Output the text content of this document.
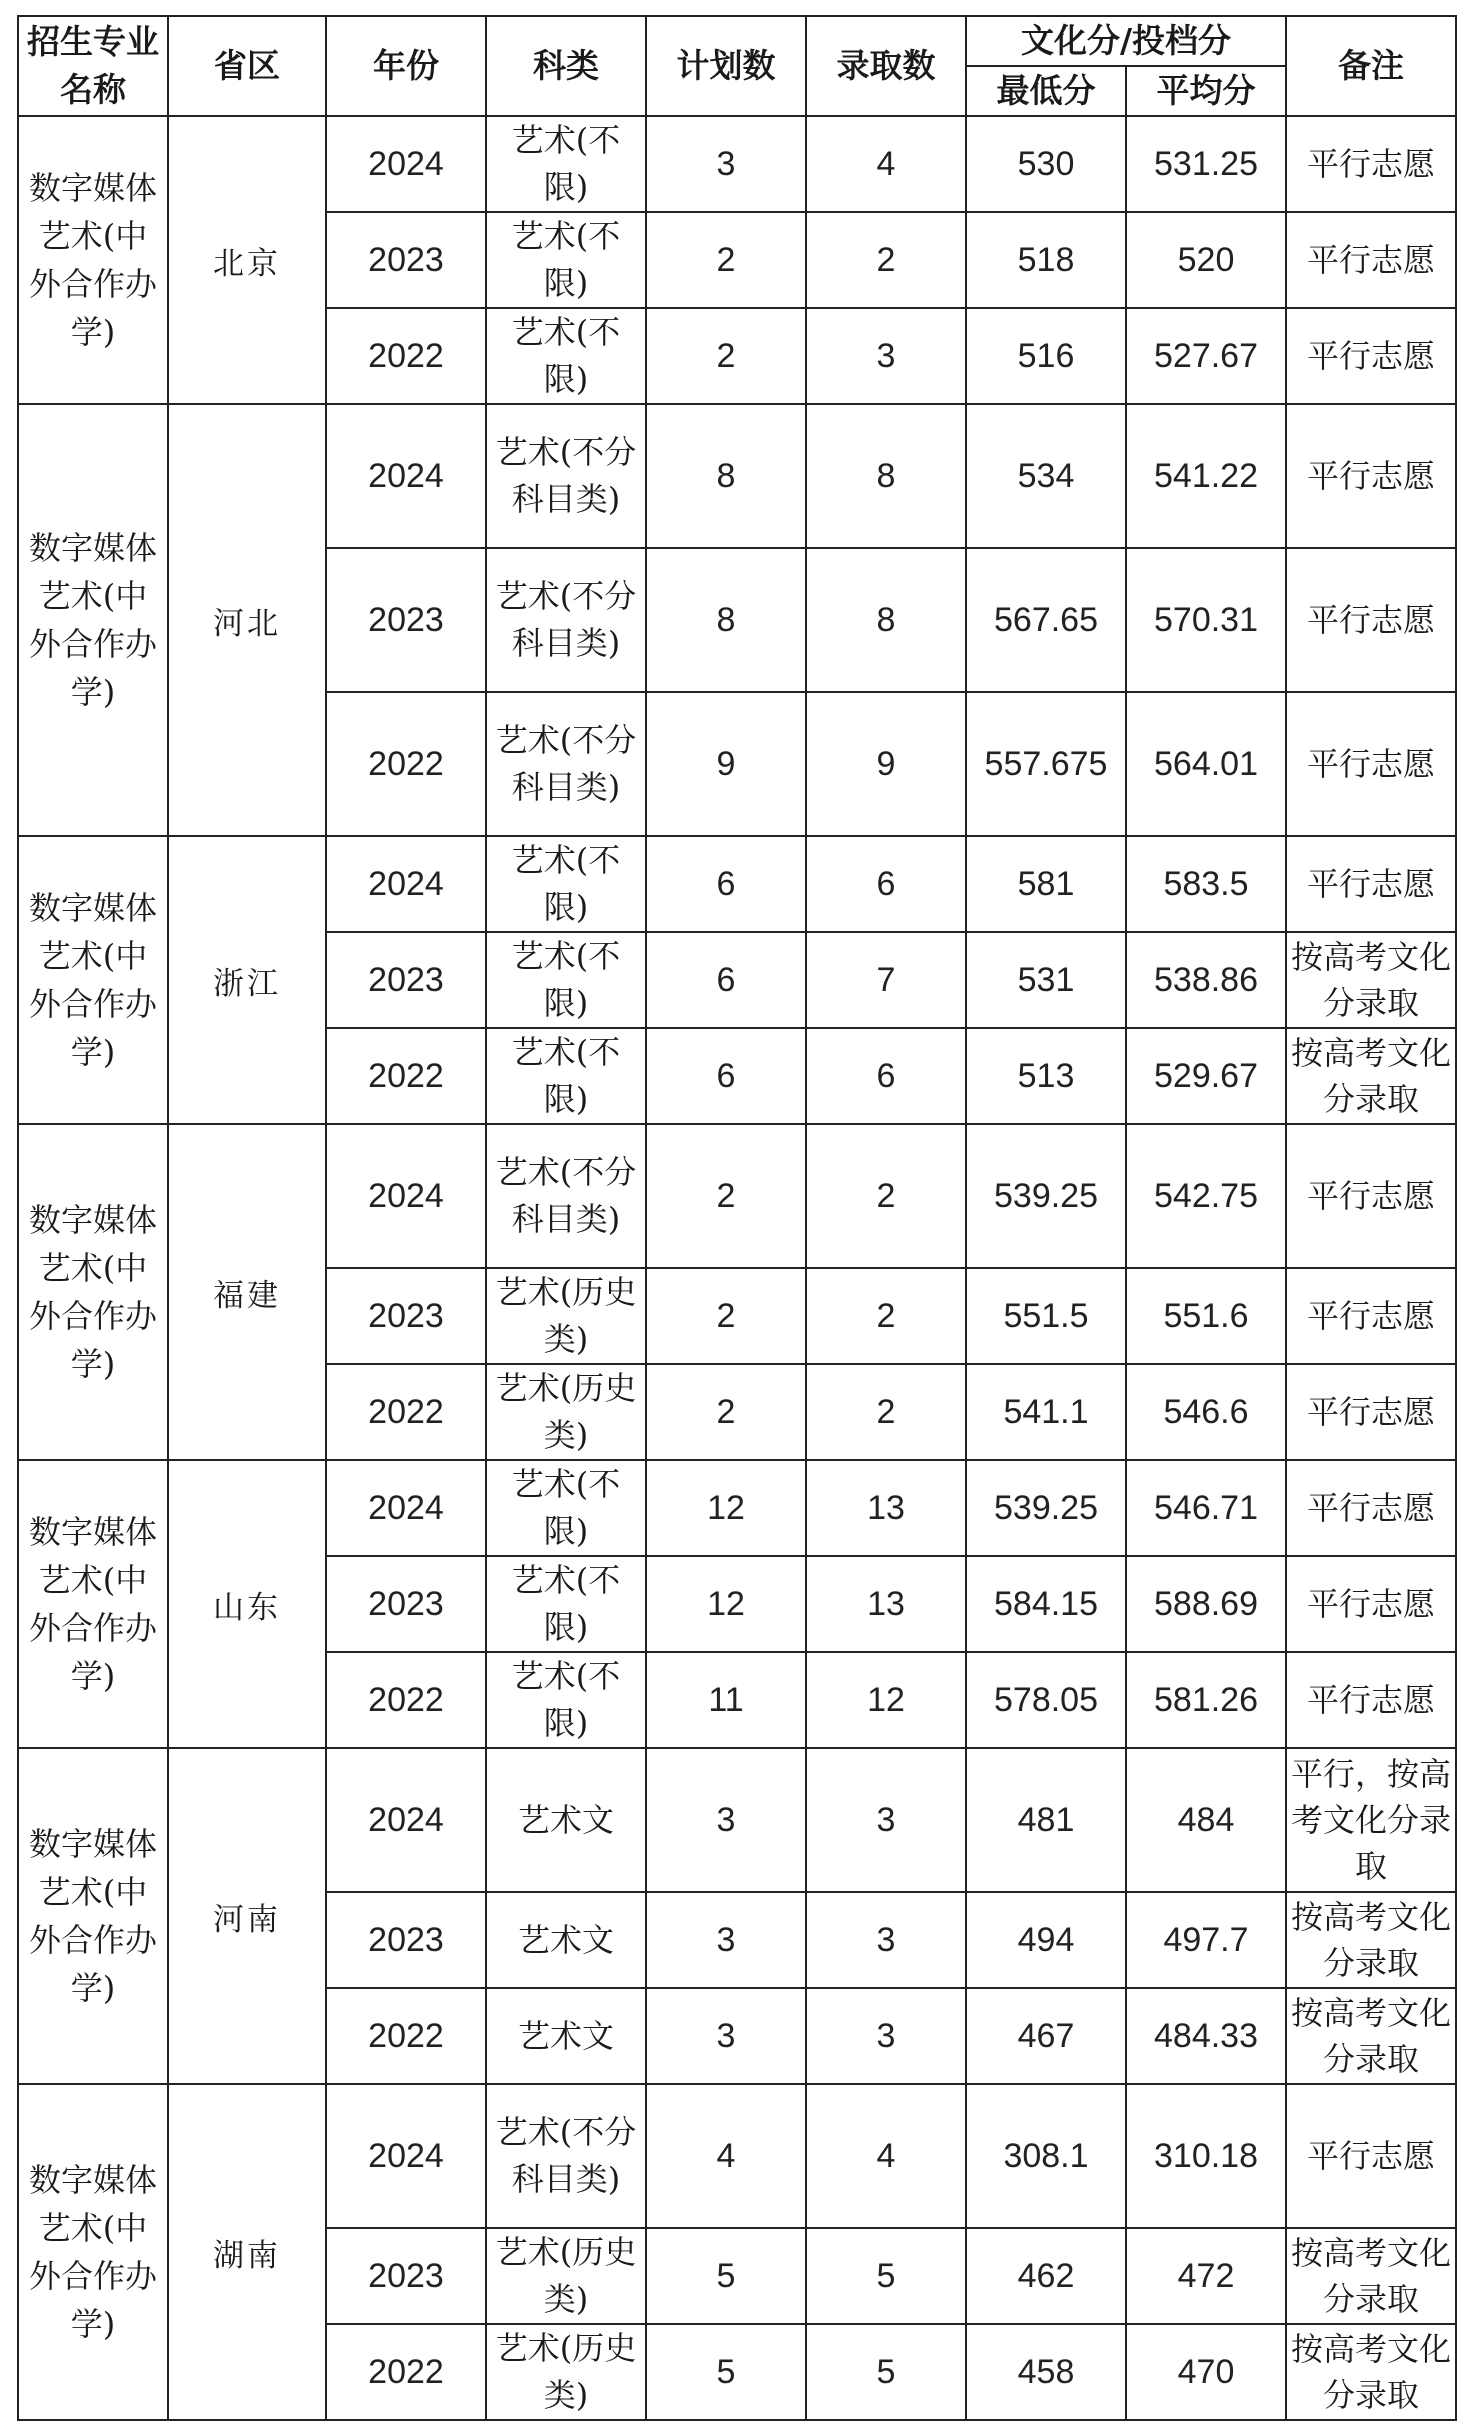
招生专业名称	省区	年份	科类	计划数	录取数	文化分/投档分		备注
						最低分	平均分	
数字媒体艺术(中外合作办学)	北京	2024	艺术(不限)	3	4	530	531.25	平行志愿
		2023	艺术(不限)	2	2	518	520	平行志愿
		2022	艺术(不限)	2	3	516	527.67	平行志愿
数字媒体艺术(中外合作办学)	河北	2024	艺术(不分科目类)	8	8	534	541.22	平行志愿
		2023	艺术(不分科目类)	8	8	567.65	570.31	平行志愿
		2022	艺术(不分科目类)	9	9	557.675	564.01	平行志愿
数字媒体艺术(中外合作办学)	浙江	2024	艺术(不限)	6	6	581	583.5	平行志愿
		2023	艺术(不限)	6	7	531	538.86	按高考文化分录取
		2022	艺术(不限)	6	6	513	529.67	按高考文化分录取
数字媒体艺术(中外合作办学)	福建	2024	艺术(不分科目类)	2	2	539.25	542.75	平行志愿
		2023	艺术(历史类)	2	2	551.5	551.6	平行志愿
		2022	艺术(历史类)	2	2	541.1	546.6	平行志愿
数字媒体艺术(中外合作办学)	山东	2024	艺术(不限)	12	13	539.25	546.71	平行志愿
		2023	艺术(不限)	12	13	584.15	588.69	平行志愿
		2022	艺术(不限)	11	12	578.05	581.26	平行志愿
数字媒体艺术(中外合作办学)	河南	2024	艺术文	3	3	481	484	平行，按高考文化分录取
		2023	艺术文	3	3	494	497.7	按高考文化分录取
		2022	艺术文	3	3	467	484.33	按高考文化分录取
数字媒体艺术(中外合作办学)	湖南	2024	艺术(不分科目类)	4	4	308.1	310.18	平行志愿
		2023	艺术(历史类)	5	5	462	472	按高考文化分录取
		2022	艺术(历史类)	5	5	458	470	按高考文化分录取
